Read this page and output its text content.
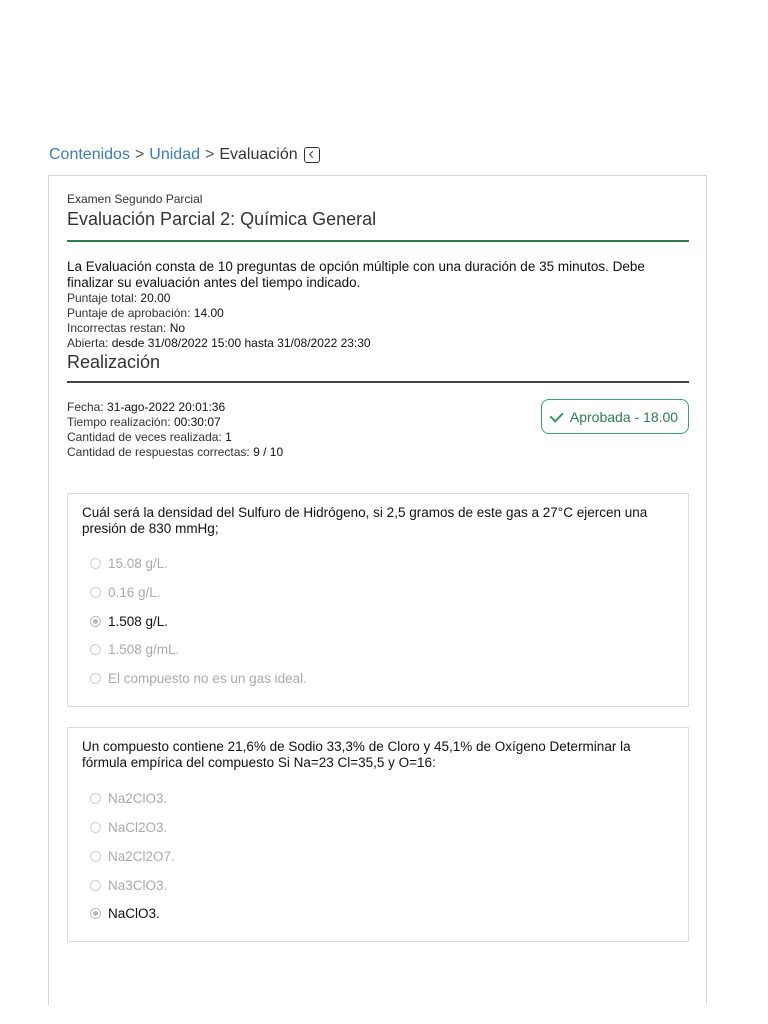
Contenidos > Unidad > Evaluación
Examen Segundo Parcial
Evaluación Parcial 2: Química General
La Evaluación consta de 10 preguntas de opción múltiple con una duración de 35 minutos. Debe finalizar su evaluación antes del tiempo indicado.
Puntaje total: 20.00
Puntaje de aprobación: 14.00
Incorrectas restan: No
Abierta: desde 31/08/2022 15:00 hasta 31/08/2022 23:30
Realización
Fecha: 31-ago-2022 20:01:36
Tiempo realización: 00:30:07
Cantidad de veces realizada: 1
Cantidad de respuestas correctas: 9 / 10
Aprobada - 18.00
Cuál será la densidad del Sulfuro de Hidrógeno, si 2,5 gramos de este gas a 27°C ejercen una presión de 830 mmHg;
15.08 g/L.
0.16 g/L.
1.508 g/L.
1.508 g/mL.
El compuesto no es un gas ideal.
Un compuesto contiene 21,6% de Sodio 33,3% de Cloro y 45,1% de Oxígeno Determinar la fórmula empírica del compuesto Si Na=23 Cl=35,5 y O=16:
Na2ClO3.
NaCl2O3.
Na2Cl2O7.
Na3ClO3.
NaClO3.
